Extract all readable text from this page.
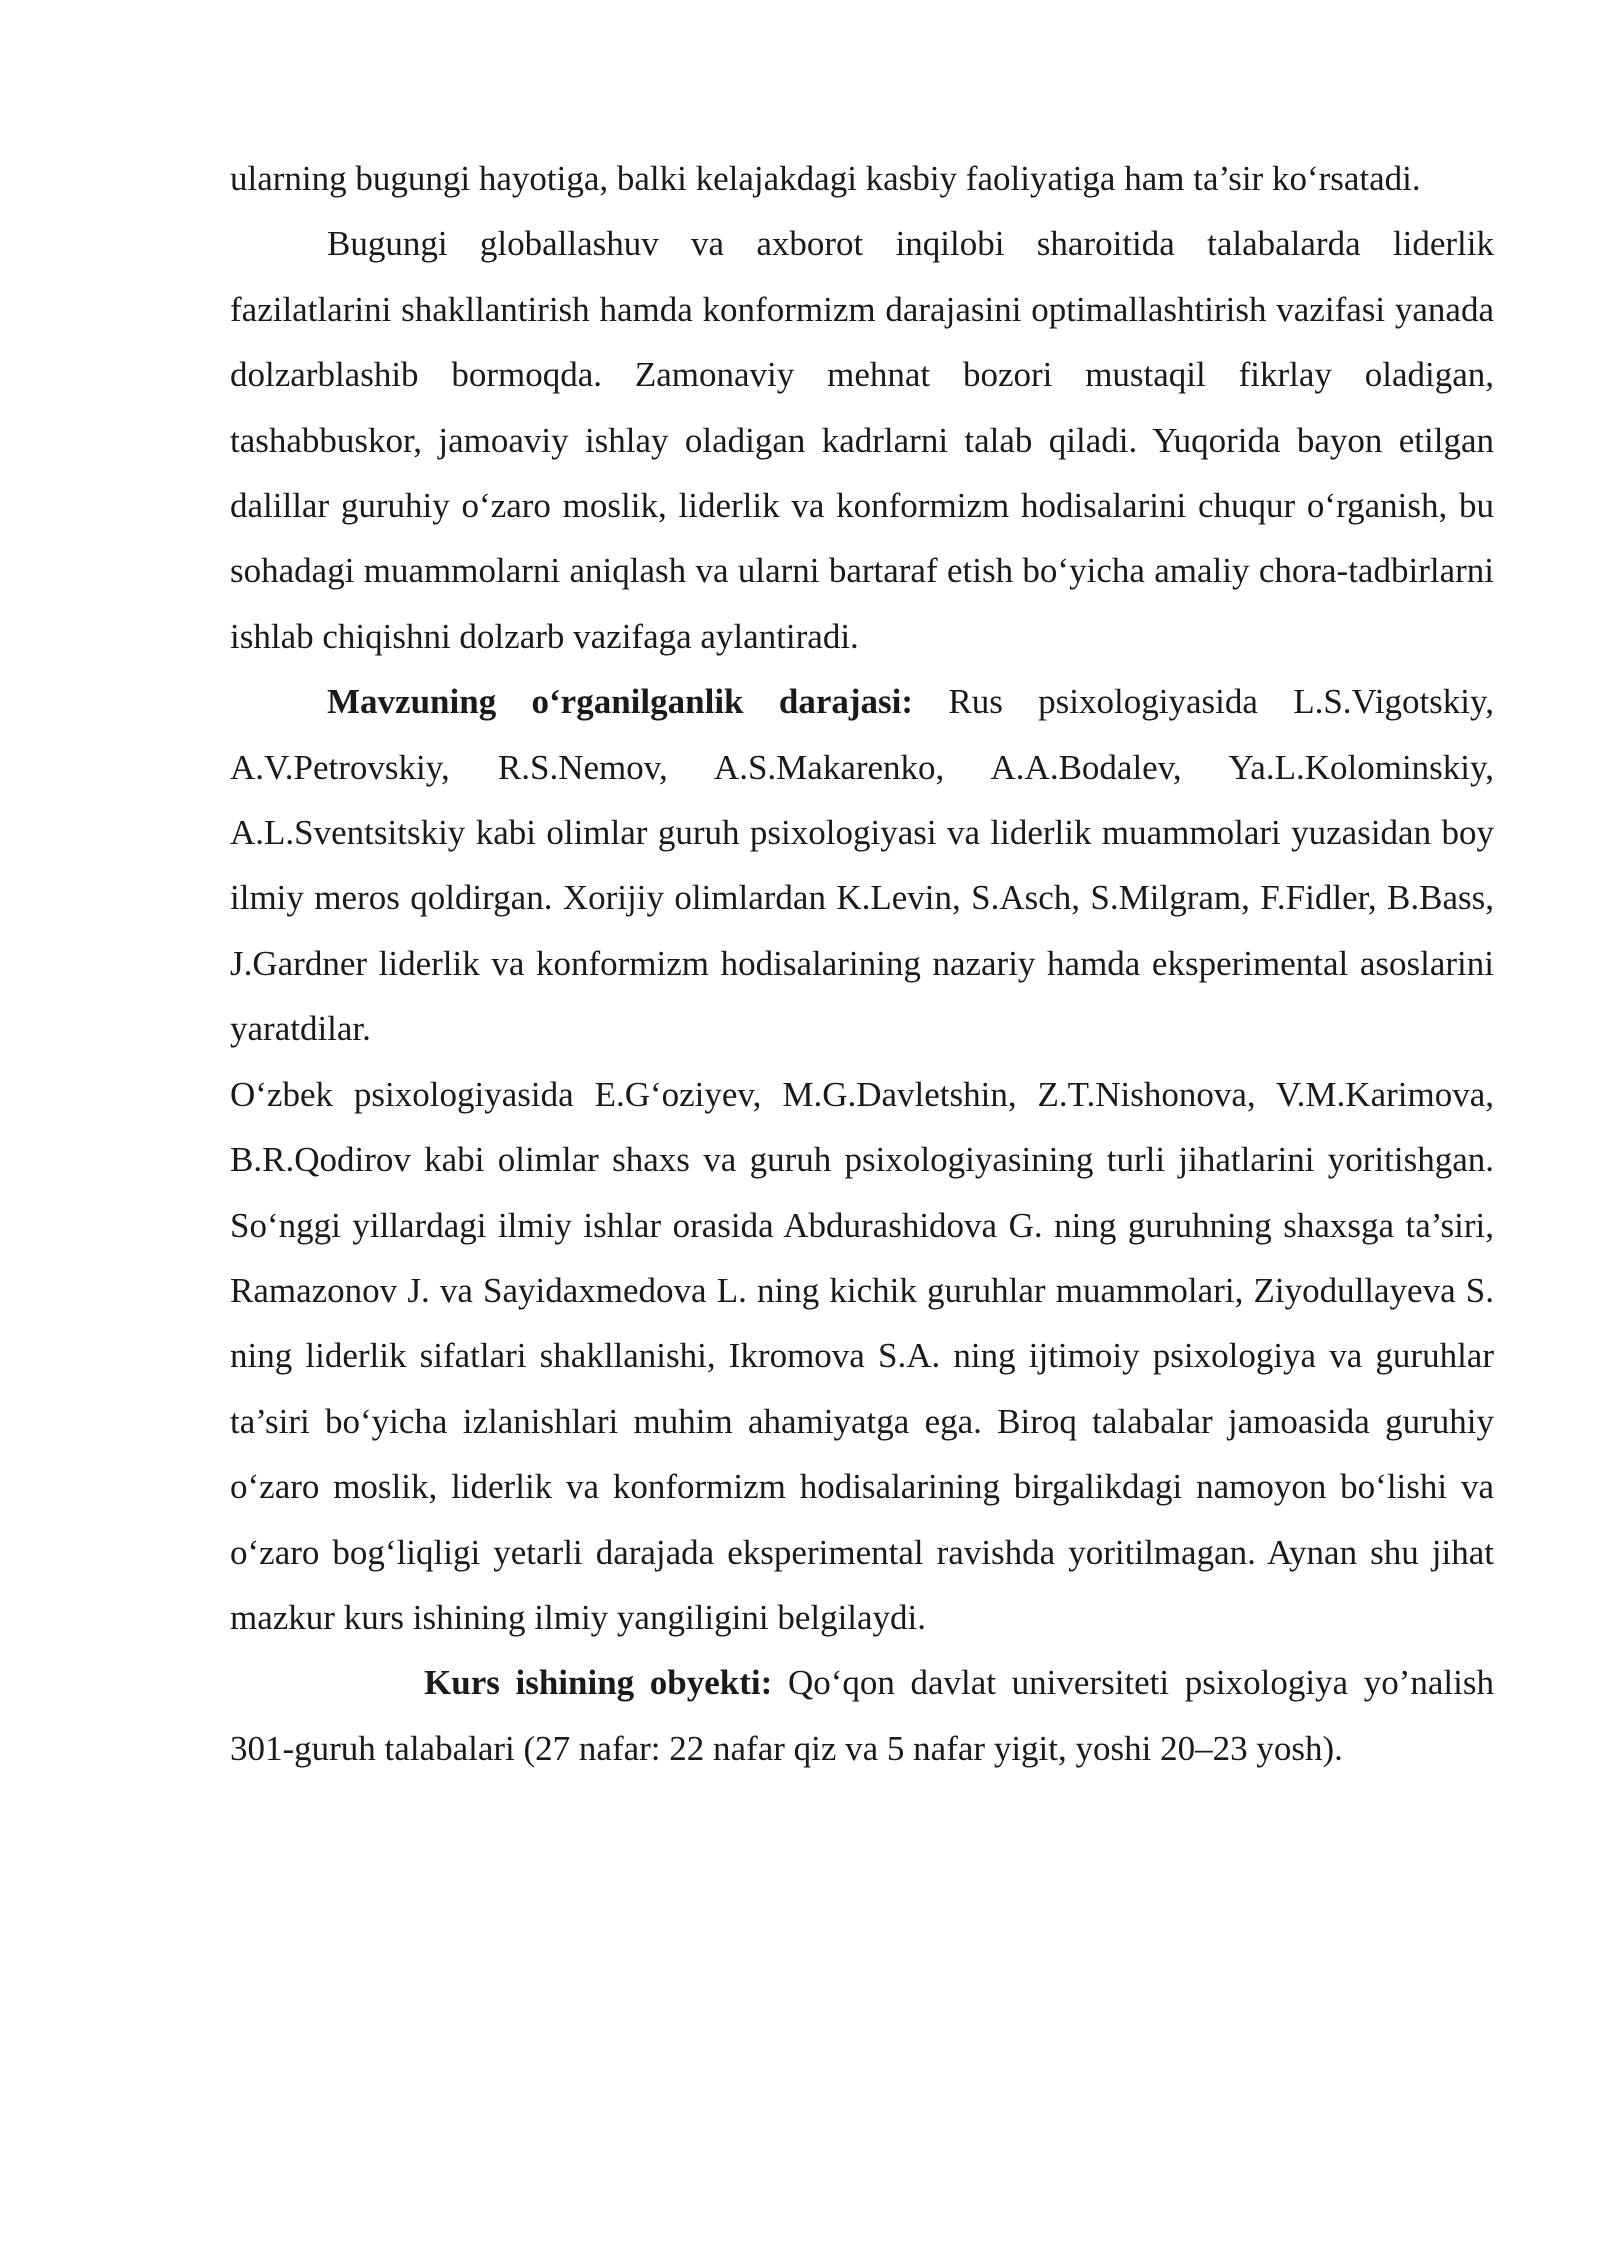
ularning bugungi hayotiga, balki kelajakdagi kasbiy faoliyatiga ham ta’sir ko‘rsatadi.

Bugungi globallashuv va axborot inqilobi sharoitida talabalarda liderlik fazilatlarini shakllantirish hamda konformizm darajasini optimallashtirish vazifasi yanada dolzarblashib bormoqda. Zamonaviy mehnat bozori mustaqil fikrlay oladigan, tashabbuskor, jamoaviy ishlay oladigan kadrlarni talab qiladi. Yuqorida bayon etilgan dalillar guruhiy o‘zaro moslik, liderlik va konformizm hodisalarini chuqur o‘rganish, bu sohadagi muammolarni aniqlash va ularni bartaraf etish bo‘yicha amaliy chora-tadbirlarni ishlab chiqishni dolzarb vazifaga aylantiradi.

Mavzuning o‘rganilganlik darajasi: Rus psixologiyasida L.S.Vigotskiy, A.V.Petrovskiy, R.S.Nemov, A.S.Makarenko, A.A.Bodalev, Ya.L.Kolominskiy, A.L.Sventsitskiy kabi olimlar guruh psixologiyasi va liderlik muammolari yuzasidan boy ilmiy meros qoldirgan. Xorijiy olimlardan K.Levin, S.Asch, S.Milgram, F.Fidler, B.Bass, J.Gardner liderlik va konformizm hodisalarining nazariy hamda eksperimental asoslarini yaratdilar.

O‘zbek psixologiyasida E.G‘oziyev, M.G.Davletshin, Z.T.Nishonova, V.M.Karimova, B.R.Qodirov kabi olimlar shaxs va guruh psixologiyasining turli jihatlarini yoritishgan. So‘nggi yillardagi ilmiy ishlar orasida Abdurashidova G. ning guruhning shaxsga ta’siri, Ramazonov J. va Sayidaxmedova L. ning kichik guruhlar muammolari, Ziyodullayeva S. ning liderlik sifatlari shakllanishi, Ikromova S.A. ning ijtimoiy psixologiya va guruhlar ta’siri bo‘yicha izlanishlari muhim ahamiyatga ega. Biroq talabalar jamoasida guruhiy o‘zaro moslik, liderlik va konformizm hodisalarining birgalikdagi namoyon bo‘lishi va o‘zaro bog‘liqligi yetarli darajada eksperimental ravishda yoritilmagan. Aynan shu jihat mazkur kurs ishining ilmiy yangiligini belgilaydi.

Kurs ishining obyekti: Qo‘qon davlat universiteti psixologiya yo’nalish 301-guruh talabalari (27 nafar: 22 nafar qiz va 5 nafar yigit, yoshi 20–23 yosh).
